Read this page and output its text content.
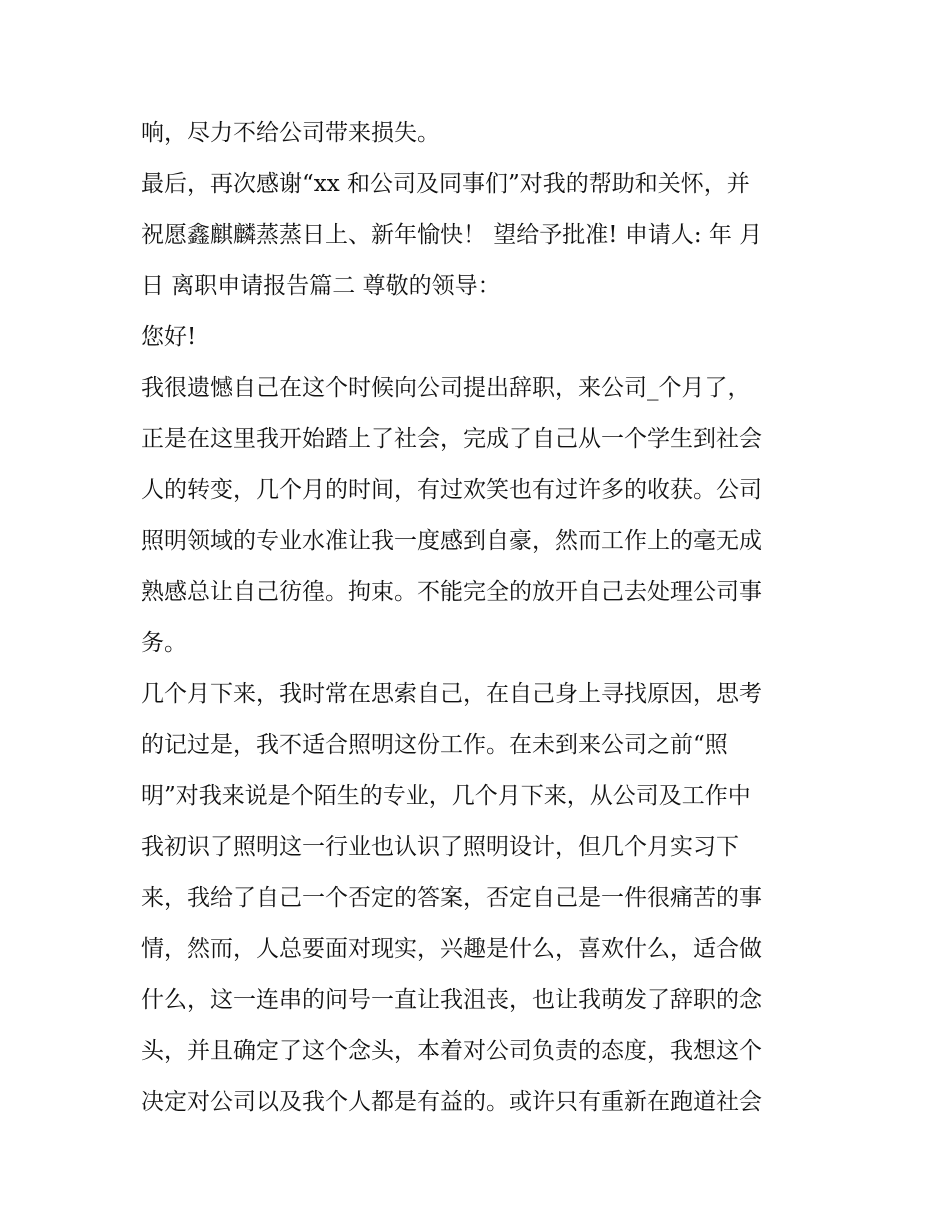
响，尽力不给公司带来损失。
最后，再次感谢“xx 和公司及同事们”对我的帮助和关怀，并
祝愿鑫麒麟蒸蒸日上、新年愉快！ 望给予批准! 申请人: 年 月
日 离职申请报告篇二 尊敬的领导：
您好!
我很遗憾自己在这个时候向公司提出辞职，来公司_个月了，
正是在这里我开始踏上了社会，完成了自己从一个学生到社会
人的转变，几个月的时间，有过欢笑也有过许多的收获。公司
照明领域的专业水准让我一度感到自豪，然而工作上的毫无成
熟感总让自己彷徨。拘束。不能完全的放开自己去处理公司事
务。
几个月下来，我时常在思索自己，在自己身上寻找原因，思考
的记过是，我不适合照明这份工作。在未到来公司之前“照
明”对我来说是个陌生的专业，几个月下来，从公司及工作中
我初识了照明这一行业也认识了照明设计，但几个月实习下
来，我给了自己一个否定的答案，否定自己是一件很痛苦的事
情，然而，人总要面对现实，兴趣是什么，喜欢什么，适合做
什么，这一连串的问号一直让我沮丧，也让我萌发了辞职的念
头，并且确定了这个念头，本着对公司负责的态度，我想这个
决定对公司以及我个人都是有益的。或许只有重新在跑道社会
